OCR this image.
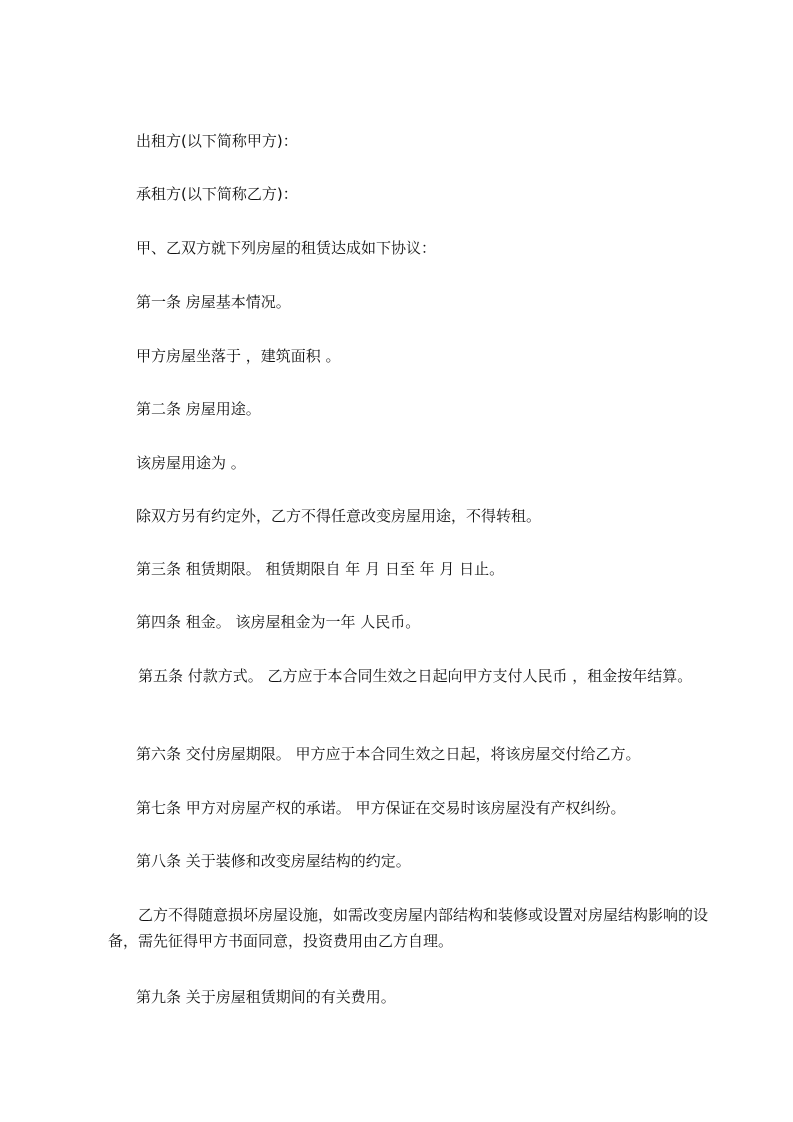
出租方(以下简称甲方)：
承租方(以下简称乙方)：
甲、乙双方就下列房屋的租赁达成如下协议：
第一条 房屋基本情况。
甲方房屋坐落于 ，建筑面积 。
第二条 房屋用途。
该房屋用途为 。
除双方另有约定外，乙方不得任意改变房屋用途，不得转租。
第三条 租赁期限。 租赁期限自 年 月 日至 年 月 日止。
第四条 租金。 该房屋租金为一年 人民币。
第五条 付款方式。 乙方应于本合同生效之日起向甲方支付人民币 ，租金按年结算。
第六条 交付房屋期限。 甲方应于本合同生效之日起，将该房屋交付给乙方。
第七条 甲方对房屋产权的承诺。 甲方保证在交易时该房屋没有产权纠纷。
第八条 关于装修和改变房屋结构的约定。
乙方不得随意损坏房屋设施，如需改变房屋内部结构和装修或设置对房屋结构影响的设备，需先征得甲方书面同意，投资费用由乙方自理。
第九条 关于房屋租赁期间的有关费用。
